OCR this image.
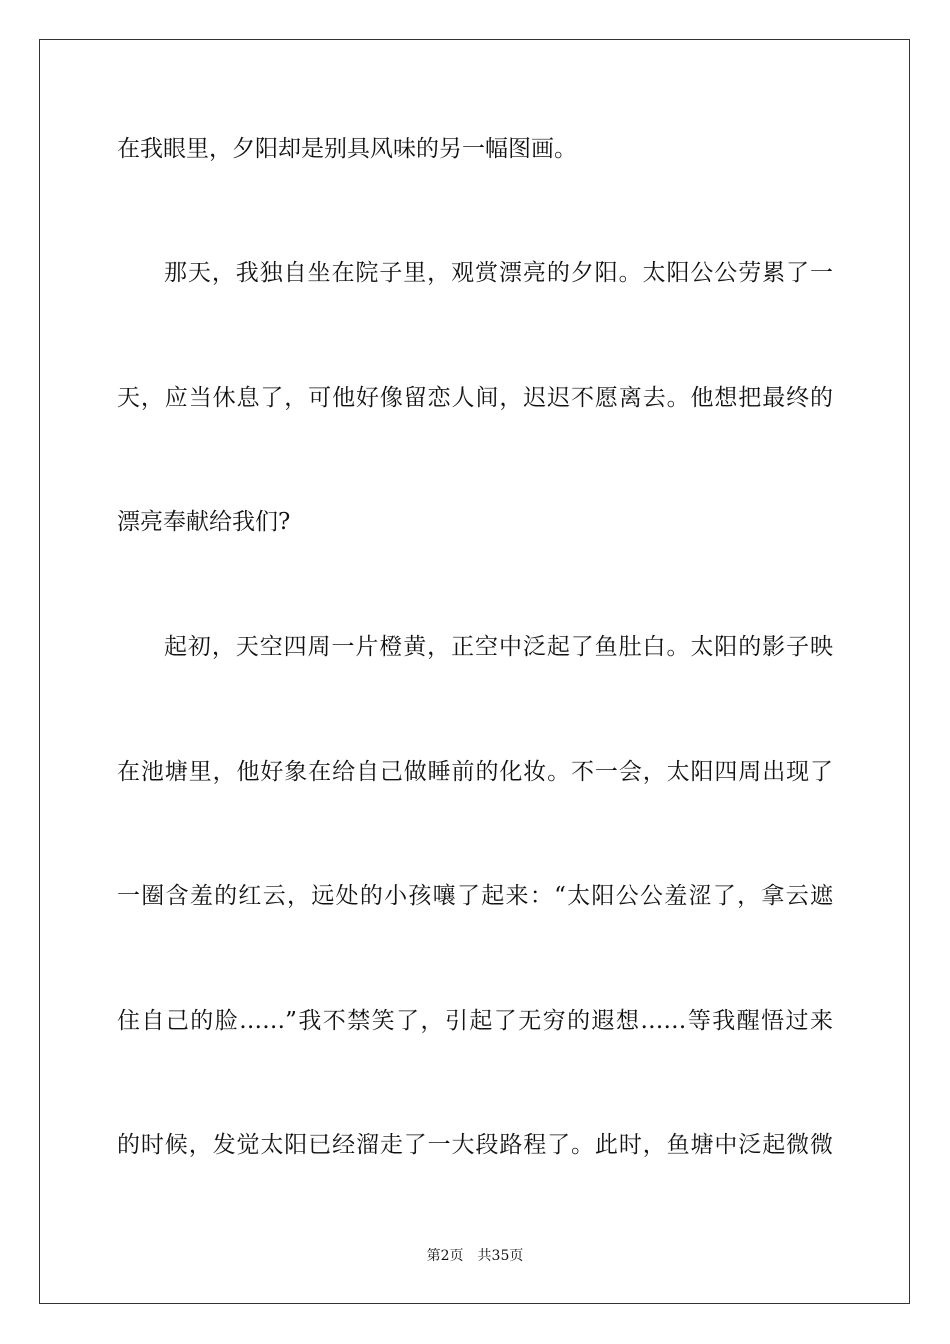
在我眼里，夕阳却是别具风味的另一幅图画。
那天，我独自坐在院子里，观赏漂亮的夕阳。太阳公公劳累了一
天，应当休息了，可他好像留恋人间，迟迟不愿离去。他想把最终的
漂亮奉献给我们?
起初，天空四周一片橙黄，正空中泛起了鱼肚白。太阳的影子映
在池塘里，他好象在给自己做睡前的化妆。不一会，太阳四周出现了
一圈含羞的红云，远处的小孩嚷了起来：“太阳公公羞涩了，拿云遮
住自己的脸……”我不禁笑了，引起了无穷的遐想……等我醒悟过来
的时候，发觉太阳已经溜走了一大段路程了。此时，鱼塘中泛起微微
第2页 共35页
